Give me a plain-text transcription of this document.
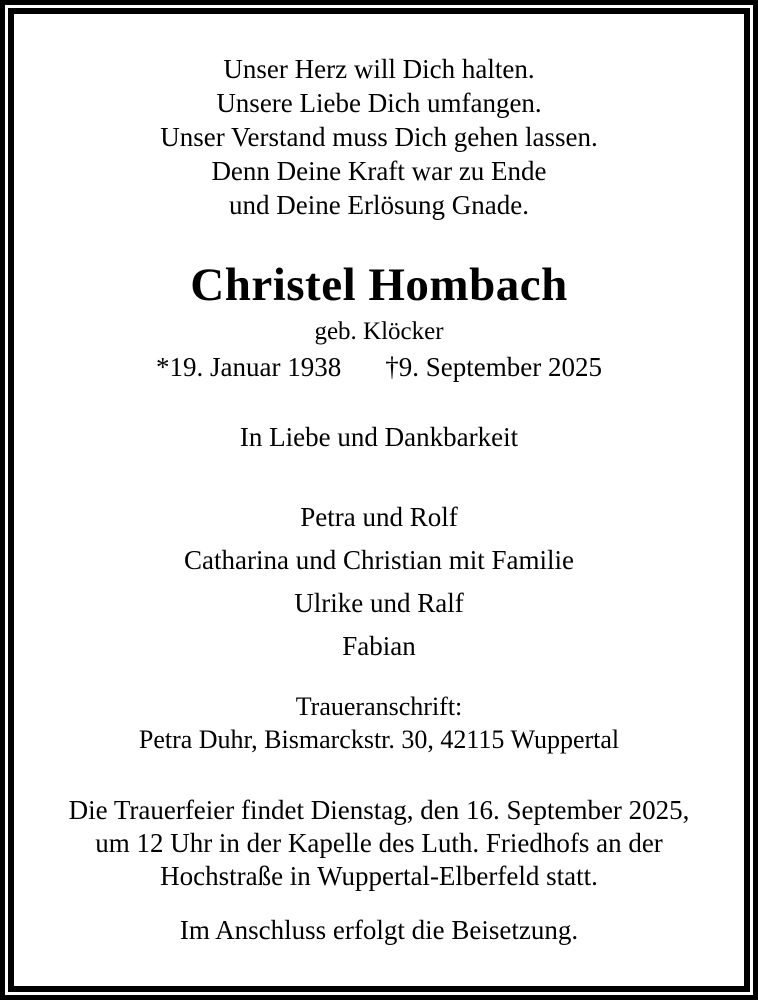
Unser Herz will Dich halten.
Unsere Liebe Dich umfangen.
Unser Verstand muss Dich gehen lassen.
Denn Deine Kraft war zu Ende
und Deine Erlösung Gnade.
Christel Hombach
geb. Klöcker
*19. Januar 1938 †9. September 2025
In Liebe und Dankbarkeit
Petra und Rolf
Catharina und Christian mit Familie
Ulrike und Ralf
Fabian
Traueranschrift:
Petra Duhr, Bismarckstr. 30, 42115 Wuppertal
Die Trauerfeier findet Dienstag, den 16. September 2025,
um 12 Uhr in der Kapelle des Luth. Friedhofs an der
Hochstraße in Wuppertal-Elberfeld statt.
Im Anschluss erfolgt die Beisetzung.
